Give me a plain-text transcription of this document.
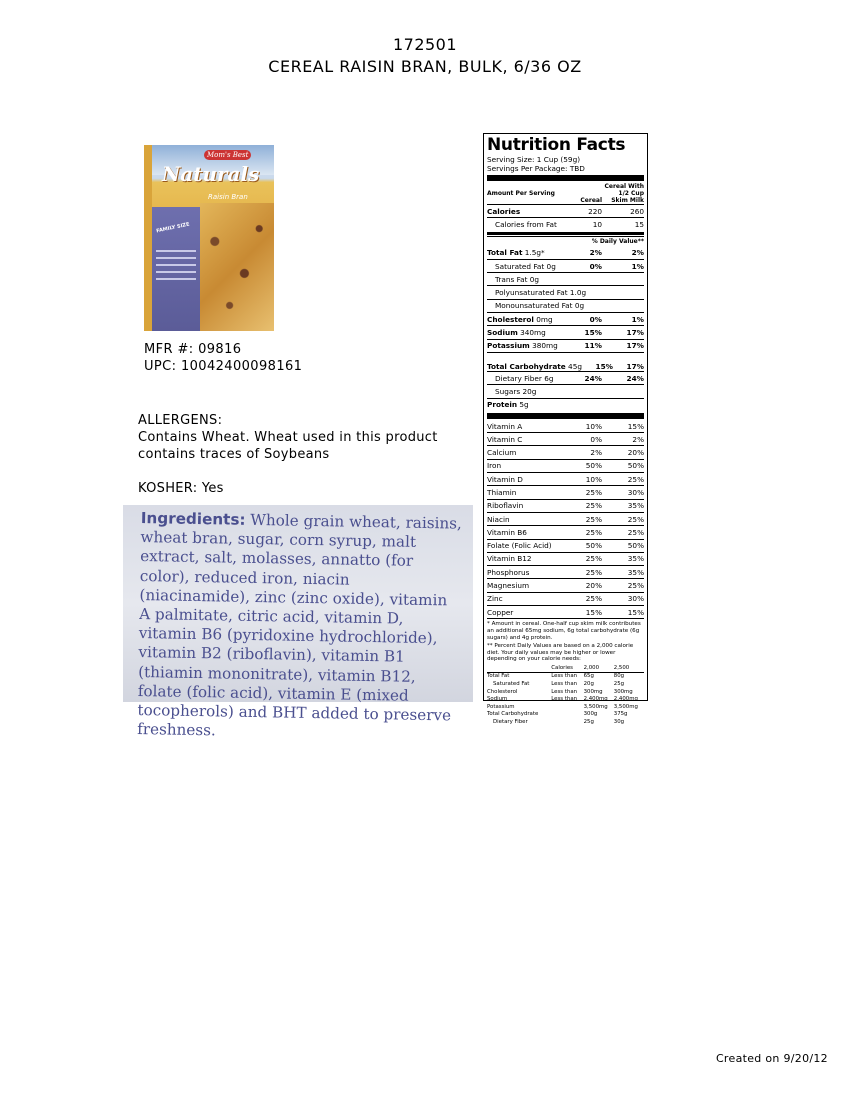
172501
CEREAL RAISIN BRAN, BULK, 6/36 OZ
Mom's Best
Naturals
Raisin Bran
FAMILY SIZE
MFR #: 09816
UPC: 10042400098161
ALLERGENS:
Contains Wheat. Wheat used in this product contains traces of Soybeans
KOSHER: Yes
Ingredients: Whole grain wheat, raisins, wheat bran, sugar, corn syrup, malt extract, salt, molasses, annatto (for color), reduced iron, niacin (niacinamide), zinc (zinc oxide), vitamin A palmitate, citric acid, vitamin D, vitamin B6 (pyridoxine hydrochloride), vitamin B2 (riboflavin), vitamin B1 (thiamin mononitrate), vitamin B12, folate (folic acid), vitamin E (mixed tocopherols) and BHT added to preserve freshness.
Nutrition Facts
Serving Size: 1 Cup (59g)
Servings Per Package: TBD
Amount Per Serving
Cereal
Cereal With 1/2 Cup Skim Milk
Calories	220	260
Calories from Fat	10	15
% Daily Value**
Total Fat 1.5g*	2%	2%
Saturated Fat 0g	0%	1%
Trans Fat 0g
Polyunsaturated Fat 1.0g
Monounsaturated Fat 0g
Cholesterol 0mg	0%	1%
Sodium 340mg	15%	17%
Potassium 380mg	11%	17%
Total Carbohydrate 45g	15%	17%
Dietary Fiber 6g	24%	24%
Sugars 20g
Protein 5g
Vitamin A	10%	15%
Vitamin C	0%	2%
Calcium	2%	20%
Iron	50%	50%
Vitamin D	10%	25%
Thiamin	25%	30%
Riboflavin	25%	35%
Niacin	25%	25%
Vitamin B6	25%	25%
Folate (Folic Acid)	50%	50%
Vitamin B12	25%	35%
Phosphorus	25%	35%
Magnesium	20%	25%
Zinc	25%	30%
Copper	15%	15%

* Amount in cereal. One-half cup skim milk contributes an additional 65mg sodium, 6g total carbohydrate (6g sugars) and 4g protein.

** Percent Daily Values are based on a 2,000 calorie diet. Your daily values may be higher or lower depending on your calorie needs:

	Calories	2,000	2,500
Total Fat	Less than	65g	80g
Saturated Fat	Less than	20g	25g
Cholesterol	Less than	300mg	300mg
Sodium	Less than	2,400mg	2,400mg
Potassium		3,500mg	3,500mg
Total Carbohydrate		300g	375g
Dietary Fiber		25g	30g
Created on 9/20/12
